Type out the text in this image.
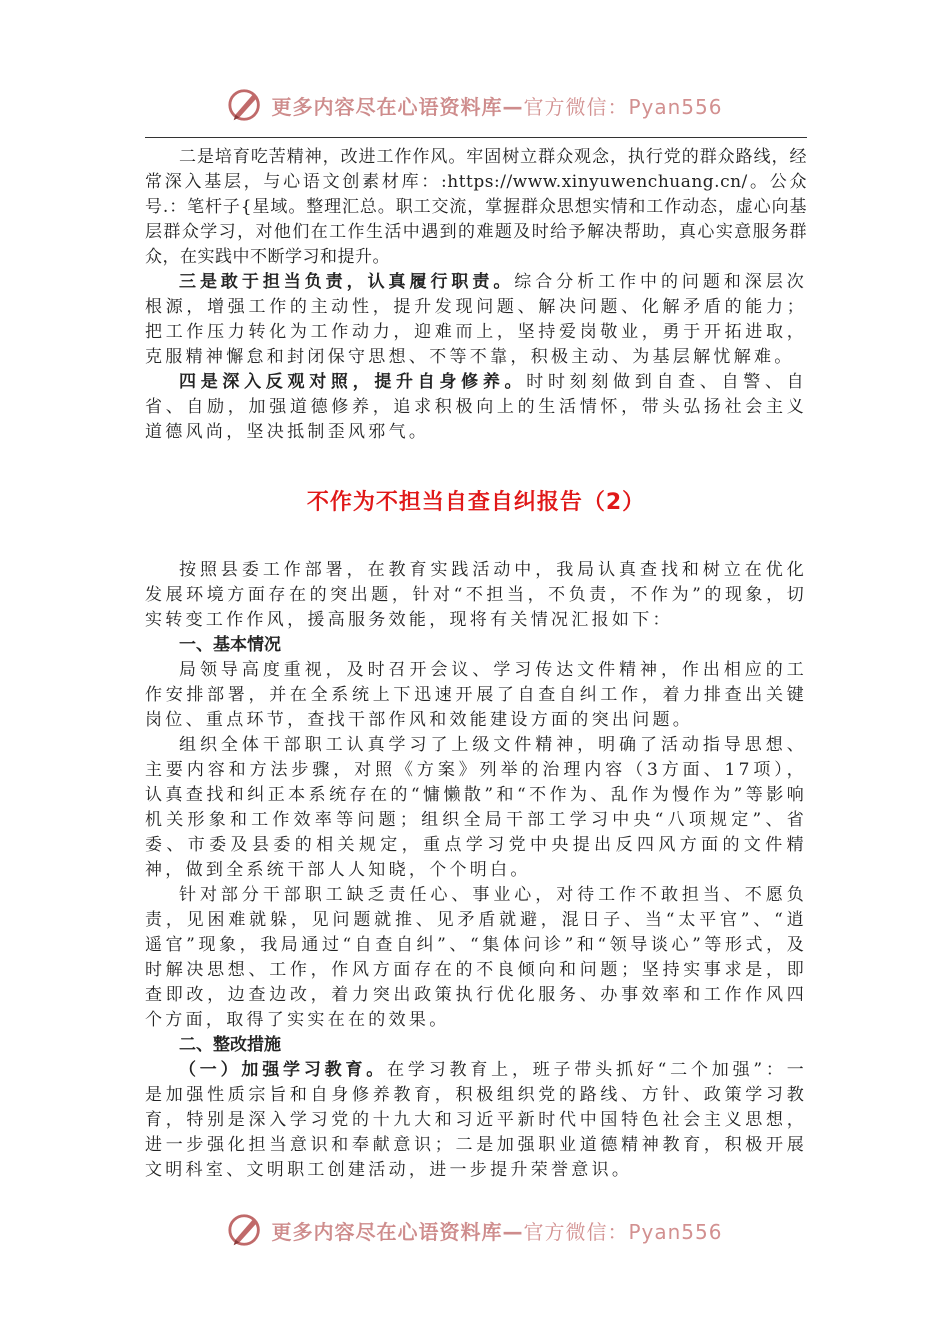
更多内容尽在心语资料库—官方微信：Pyan556

二是培育吃苦精神，改进工作作风。牢固树立群众观念，执行党的群众路线，经常深入基层，与心语文创素材库：:https://www.xinyuwenchuang.cn/。公众号.：笔杆子{星域。整理汇总。职工交流，掌握群众思想实情和工作动态，虚心向基层群众学习，对他们在工作生活中遇到的难题及时给予解决帮助，真心实意服务群众，在实践中不断学习和提升。

三是敢于担当负责，认真履行职责。综合分析工作中的问题和深层次根源，增强工作的主动性，提升发现问题、解决问题、化解矛盾的能力；把工作压力转化为工作动力，迎难而上，坚持爱岗敬业，勇于开拓进取，克服精神懈怠和封闭保守思想、不等不靠，积极主动、为基层解忧解难。

四是深入反观对照，提升自身修养。时时刻刻做到自查、自警、自省、自励，加强道德修养，追求积极向上的生活情怀，带头弘扬社会主义道德风尚，坚决抵制歪风邪气。

不作为不担当自查自纠报告（2）

按照县委工作部署，在教育实践活动中，我局认真查找和树立在优化发展环境方面存在的突出题，针对“不担当，不负责，不作为”的现象，切实转变工作作风，援高服务效能，现将有关情况汇报如下：

一、基本情况

局领导高度重视，及时召开会议、学习传达文件精神，作出相应的工作安排部署，并在全系统上下迅速开展了自查自纠工作，着力排查出关键岗位、重点环节，查找干部作风和效能建设方面的突出问题。

组织全体干部职工认真学习了上级文件精神，明确了活动指导思想、主要内容和方法步骤，对照《方案》列举的治理内容（3方面、17项），认真查找和纠正本系统存在的“慵懒散”和“不作为、乱作为慢作为”等影响机关形象和工作效率等问题；组织全局干部工学习中央“八项规定”、省委、市委及县委的相关规定，重点学习党中央提出反四风方面的文件精神，做到全系统干部人人知晓，个个明白。

针对部分干部职工缺乏责任心、事业心，对待工作不敢担当、不愿负责，见困难就躲，见问题就推、见矛盾就避，混日子、当“太平官”、“逍遥官”现象，我局通过“自查自纠”、“集体问诊”和“领导谈心”等形式，及时解决思想、工作，作风方面存在的不良倾向和问题；坚持实事求是，即查即改，边查边改，着力突出政策执行优化服务、办事效率和工作作风四个方面，取得了实实在在的效果。

二、整改措施

（一）加强学习教育。在学习教育上，班子带头抓好“二个加强”：一是加强性质宗旨和自身修养教育，积极组织党的路线、方针、政策学习教育，特别是深入学习党的十九大和习近平新时代中国特色社会主义思想，进一步强化担当意识和奉献意识；二是加强职业道德精神教育，积极开展文明科室、文明职工创建活动，进一步提升荣誉意识。

更多内容尽在心语资料库—官方微信：Pyan556
